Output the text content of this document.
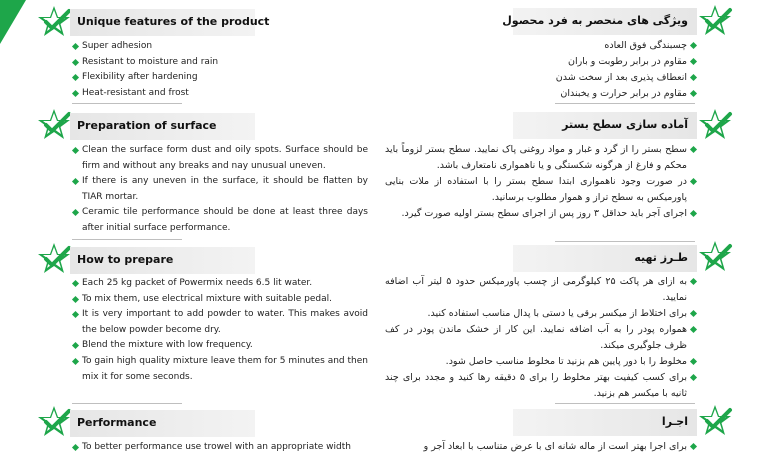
Unique features of the product
Super adhesion
Resistant to moisture and rain
Flexibility after hardening
Heat-resistant and frost
Preparation of surface
Clean the surface form dust and oily spots. Surface should be firm and without any breaks and nay unusual uneven.
If there is any uneven in the surface, it should be flatten by TIAR mortar.
Ceramic tile performance should be done at least three days after initial surface performance.
How to prepare
Each 25 kg packet of Powermix needs 6.5 lit water.
To mix them, use electrical mixture with suitable pedal.
It is very important to add powder to water. This makes avoid the below powder become dry.
Blend the mixture with low frequency.
To gain high quality mixture leave them for 5 minutes and then mix it for some seconds.
Performance
To better performance use trowel with an appropriate width
ویژگی های منحصر به فرد محصول
چسبندگی فوق العاده
مقاوم در برابر رطوبت و باران
انعطاف پذیری بعد از سخت شدن
مقاوم در برابر حرارت و یخبندان
آماده سازی سطح بستر
سطح بستر را از گرد و غبار و مواد روغنی پاک نمایید. سطح بستر لزوماً باید محکم و فارغ از هرگونه شکستگی و یا ناهمواری نامتعارف باشد.
در صورت وجود ناهمواری ابتدا سطح بستر را با استفاده از ملات بنایی پاورمیکس به سطح تراز و هموار مطلوب برسانید.
اجرای آجر باید حداقل ۳ روز پس از اجرای سطح بستر اولیه صورت گیرد.
طـرز تهیه
به ازای هر پاکت ۲۵ کیلوگرمی از چسب پاورمیکس حدود ۵ لیتر آب اضافه نمایید.
برای اختلاط از میکسر برقی یا دستی با پدال مناسب استفاده کنید.
همواره پودر را به آب اضافه نمایید. این کار از خشک ماندن پودر در کف ظرف جلوگیری میکند.
مخلوط را با دور پایین هم بزنید تا مخلوط مناسب حاصل شود.
برای کسب کیفیت بهتر مخلوط را برای ۵ دقیقه رها کنید و مجدد برای چند ثانیه با میکسر هم بزنید.
اجـرا
برای اجرا بهتر است از ماله شانه ای با عرض متناسب با ابعاد آجر و
